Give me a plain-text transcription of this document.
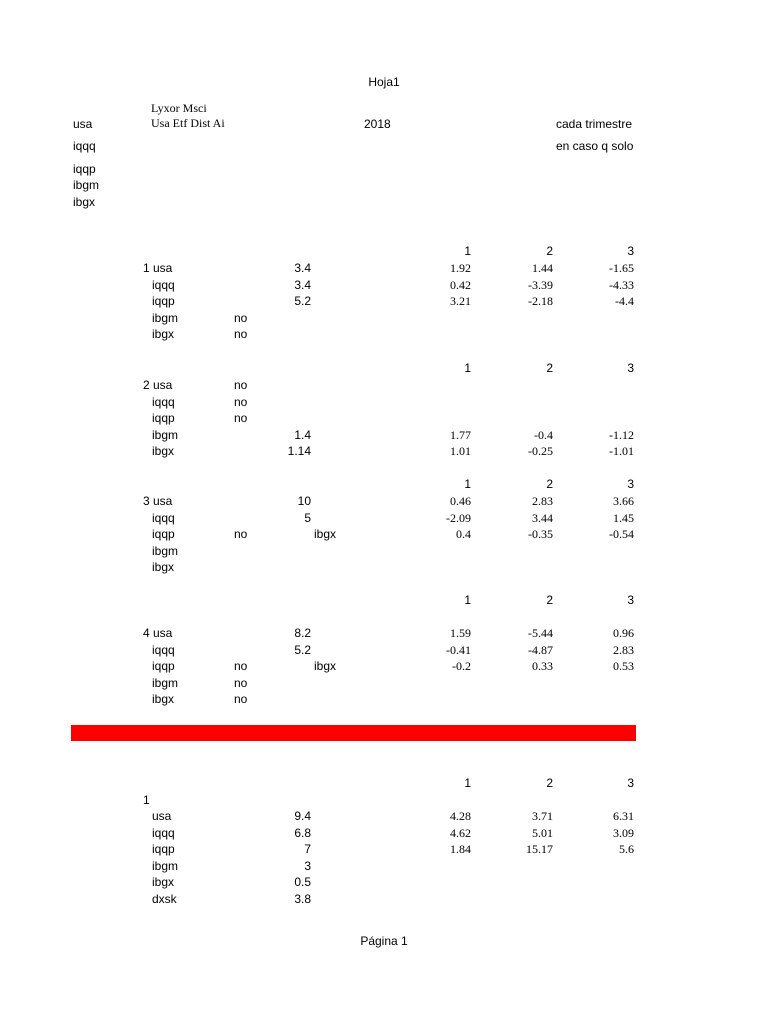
Hoja1
usa
Lyxor Msci
Usa Etf Dist Ai	2018	cada trimestre
en caso q solo
iqqq
iqqp
ibgm
ibgx
1	2	3
1 usa	3.4	1.92	1.44	-1.65
iqqq	3.4	0.42	-3.39	-4.33
iqqp	5.2	3.21	-2.18	-4.4
ibgm	no
ibgx	no
1	2	3
2 usa	no
iqqq	no
iqqp	no
ibgm	1.4	1.77	-0.4	-1.12
ibgx	1.14	1.01	-0.25	-1.01
1	2	3
3 usa	10	0.46	2.83	3.66
iqqq	5	-2.09	3.44	1.45
iqqp	no	ibgx	0.4	-0.35	-0.54
ibgm
ibgx
1	2	3
4 usa	8.2	1.59	-5.44	0.96
iqqq	5.2	-0.41	-4.87	2.83
iqqp	no	ibgx	-0.2	0.33	0.53
ibgm	no
ibgx	no
1	2	3
1
usa	9.4	4.28	3.71	6.31
iqqq	6.8	4.62	5.01	3.09
iqqp	7	1.84	15.17	5.6
ibgm	3
ibgx	0.5
dxsk	3.8
Página 1
